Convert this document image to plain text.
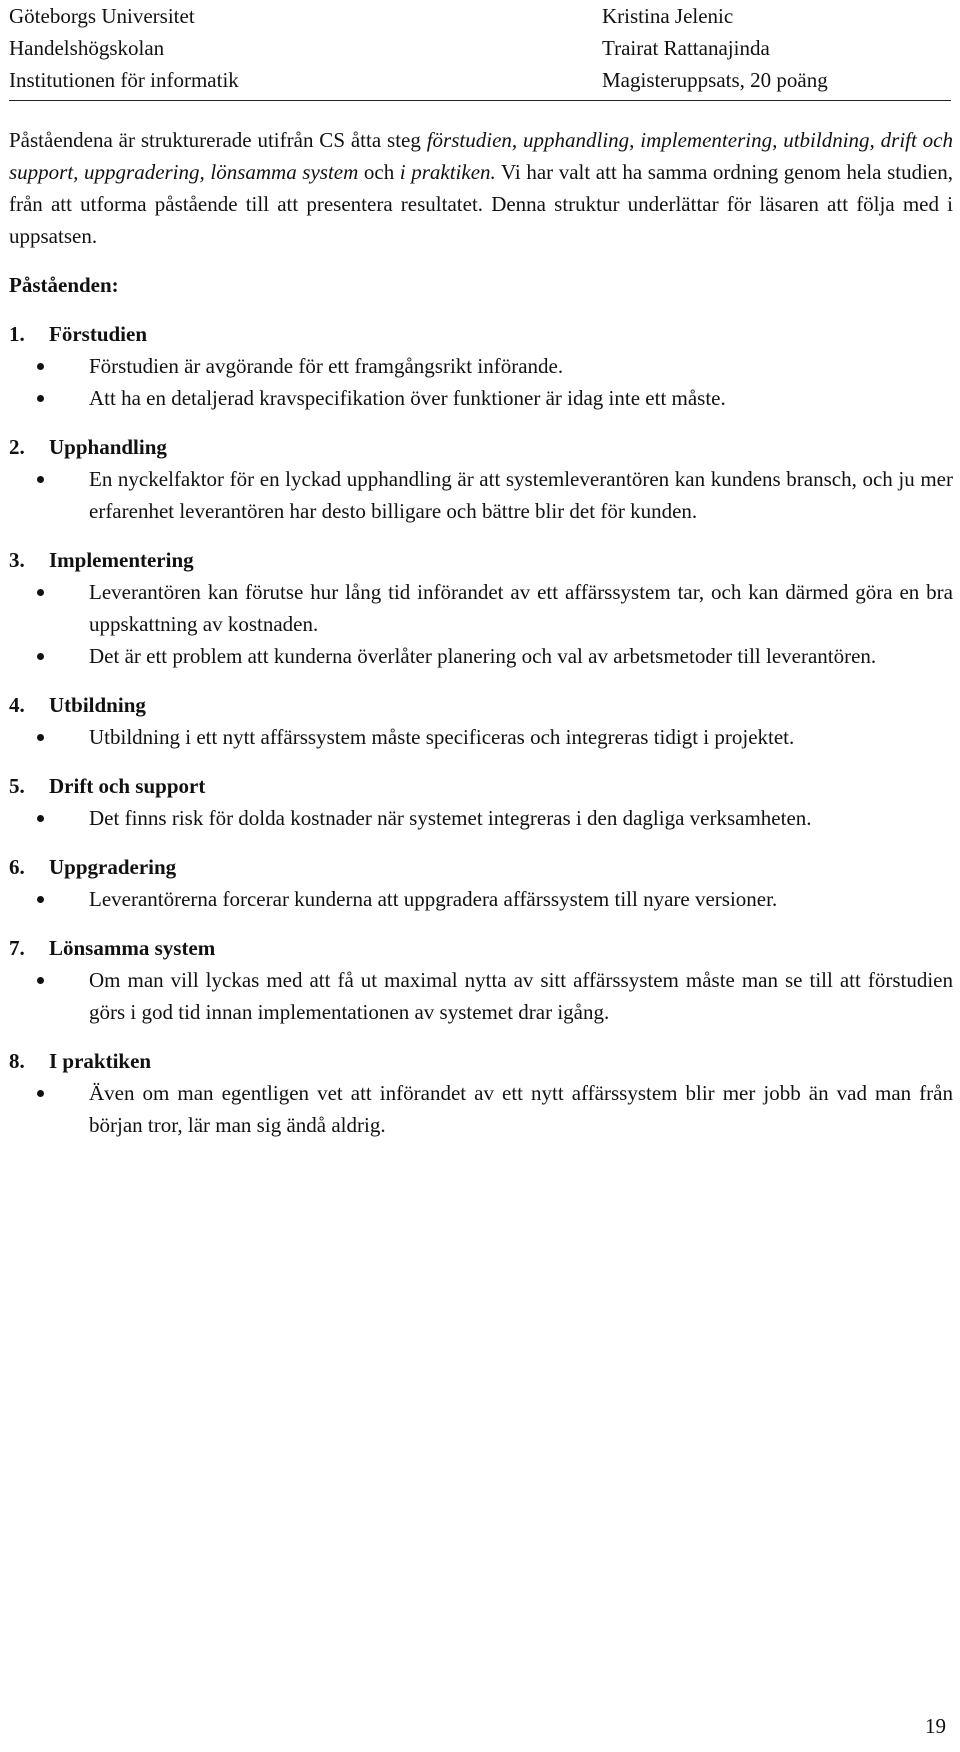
Göteborgs Universitet
Handelshögskolan
Institutionen för informatik
Kristina Jelenic
Trairat Rattanajinda
Magisteruppsats, 20 poäng

Påståendena är strukturerade utifrån CS åtta steg förstudien, upphandling, implementering, utbildning, drift och support, uppgradering, lönsamma system och i praktiken. Vi har valt att ha samma ordning genom hela studien, från att utforma påstående till att presentera resultatet. Denna struktur underlättar för läsaren att följa med i uppsatsen.

Påståenden:
1. Förstudien
Förstudien är avgörande för ett framgångsrikt införande.
Att ha en detaljerad kravspecifikation över funktioner är idag inte ett måste.
2. Upphandling
En nyckelfaktor för en lyckad upphandling är att systemleverantören kan kundens bransch, och ju mer erfarenhet leverantören har desto billigare och bättre blir det för kunden.
3. Implementering
Leverantören kan förutse hur lång tid införandet av ett affärssystem tar, och kan därmed göra en bra uppskattning av kostnaden.
Det är ett problem att kunderna överlåter planering och val av arbetsmetoder till leverantören.
4. Utbildning
Utbildning i ett nytt affärssystem måste specificeras och integreras tidigt i projektet.
5. Drift och support
Det finns risk för dolda kostnader när systemet integreras i den dagliga verksamheten.
6. Uppgradering
Leverantörerna forcerar kunderna att uppgradera affärssystem till nyare versioner.
7. Lönsamma system
Om man vill lyckas med att få ut maximal nytta av sitt affärssystem måste man se till att förstudien görs i god tid innan implementationen av systemet drar igång.
8. I praktiken
Även om man egentligen vet att införandet av ett nytt affärssystem blir mer jobb än vad man från början tror, lär man sig ändå aldrig.
19
